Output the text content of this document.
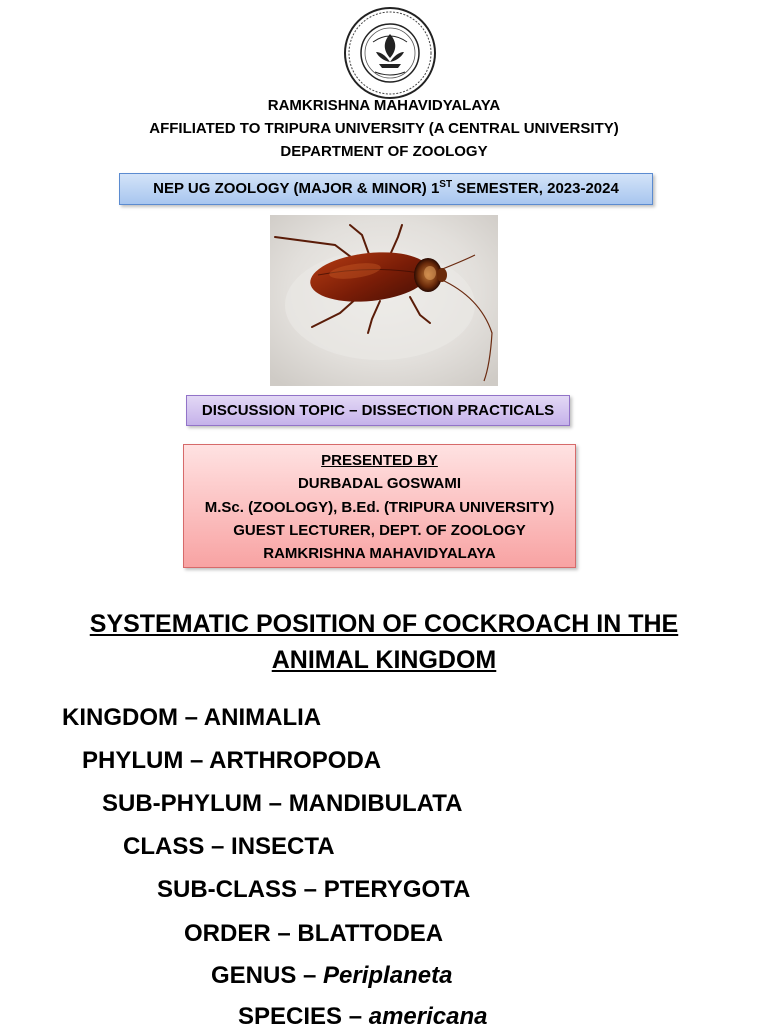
RAMKRISHNA MAHAVIDYALAYA
AFFILIATED TO TRIPURA UNIVERSITY (A CENTRAL UNIVERSITY)
DEPARTMENT OF ZOOLOGY
NEP UG ZOOLOGY (MAJOR & MINOR) 1ST SEMESTER, 2023-2024
DISCUSSION TOPIC – DISSECTION PRACTICALS
PRESENTED BY
DURBADAL GOSWAMI
M.Sc. (ZOOLOGY), B.Ed. (TRIPURA UNIVERSITY)
GUEST LECTURER, DEPT. OF ZOOLOGY
RAMKRISHNA MAHAVIDYALAYA
SYSTEMATIC POSITION OF COCKROACH IN THE
ANIMAL KINGDOM
KINGDOM – ANIMALIA
PHYLUM – ARTHROPODA
SUB-PHYLUM – MANDIBULATA
CLASS – INSECTA
SUB-CLASS – PTERYGOTA
ORDER – BLATTODEA
GENUS – Periplaneta
SPECIES – americana
